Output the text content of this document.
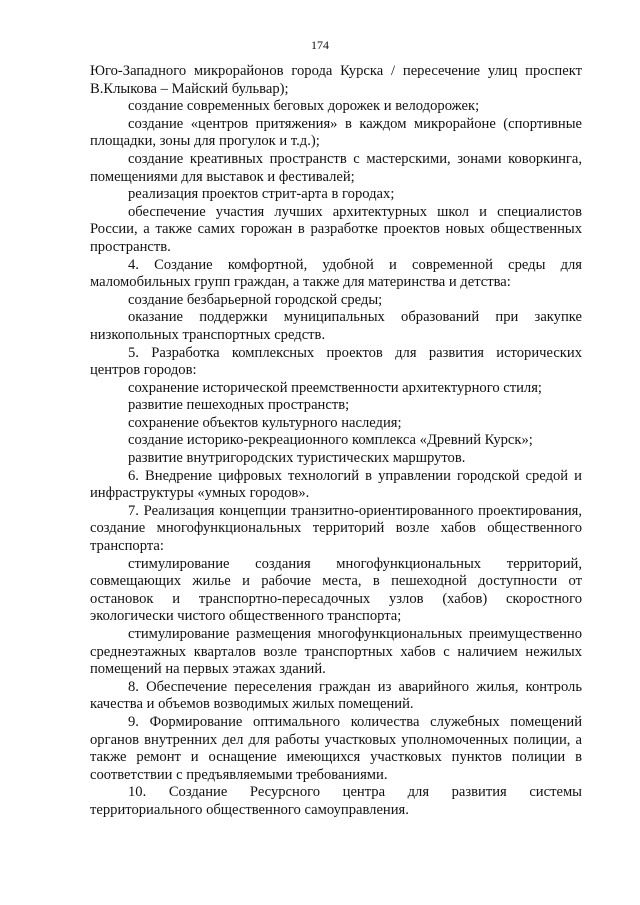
174

Юго-Западного микрорайонов города Курска / пересечение улиц проспект В.Клыкова – Майский бульвар);

создание современных беговых дорожек и велодорожек;

создание «центров притяжения» в каждом микрорайоне (спортивные площадки, зоны для прогулок и т.д.);

создание креативных пространств с мастерскими, зонами коворкинга, помещениями для выставок и фестивалей;

реализация проектов стрит-арта в городах;

обеспечение участия лучших архитектурных школ и специалистов России, а также самих горожан в разработке проектов новых общественных пространств.

4. Создание комфортной, удобной и современной среды для маломобильных групп граждан, а также для материнства и детства:

создание безбарьерной городской среды;

оказание поддержки муниципальных образований при закупке низкопольных транспортных средств.

5. Разработка комплексных проектов для развития исторических центров городов:

сохранение исторической преемственности архитектурного стиля;

развитие пешеходных пространств;

сохранение объектов культурного наследия;

создание историко-рекреационного комплекса «Древний Курск»;

развитие внутригородских туристических маршрутов.

6. Внедрение цифровых технологий в управлении городской средой и инфраструктуры «умных городов».

7. Реализация концепции транзитно-ориентированного проектирования, создание многофункциональных территорий возле хабов общественного транспорта:

стимулирование создания многофункциональных территорий, совмещающих жилье и рабочие места, в пешеходной доступности от остановок и транспортно-пересадочных узлов (хабов) скоростного экологически чистого общественного транспорта;

стимулирование размещения многофункциональных преимущественно среднеэтажных кварталов возле транспортных хабов с наличием нежилых помещений на первых этажах зданий.

8. Обеспечение переселения граждан из аварийного жилья, контроль качества и объемов возводимых жилых помещений.

9. Формирование оптимального количества служебных помещений органов внутренних дел для работы участковых уполномоченных полиции, а также ремонт и оснащение имеющихся участковых пунктов полиции в соответствии с предъявляемыми требованиями.

10. Создание Ресурсного центра для развития системы территориального общественного самоуправления.
